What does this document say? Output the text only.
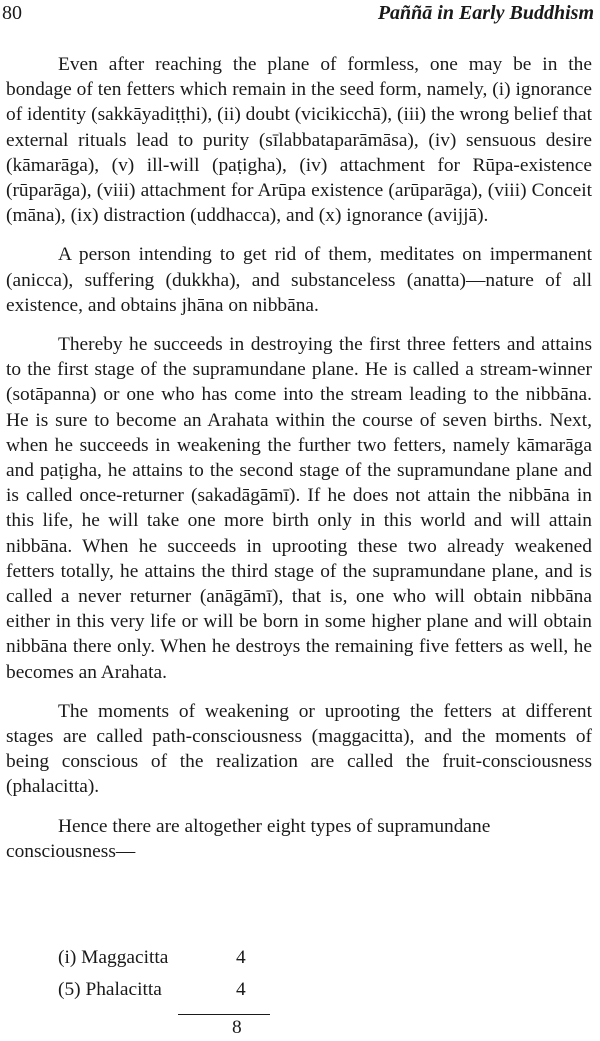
80	Paññā in Early Buddhism

Even after reaching the plane of formless, one may be in the bondage of ten fetters which remain in the seed form, namely, (i) ignorance of identity (sakkāyadiṭṭhi), (ii) doubt (vicikicchā), (iii) the wrong belief that external rituals lead to purity (sīlabbataparāmāsa), (iv) sensuous desire (kāmarāga), (v) ill-will (paṭigha), (iv) attachment for Rūpa-existence (rūparāga), (viii) attachment for Arūpa existence (arūparāga), (viii) Conceit (māna), (ix) distraction (uddhacca), and (x) ignorance (avijjā).

A person intending to get rid of them, meditates on impermanent (anicca), suffering (dukkha), and substanceless (anatta)—nature of all existence, and obtains jhāna on nibbāna.

Thereby he succeeds in destroying the first three fetters and attains to the first stage of the supramundane plane. He is called a stream-winner (sotāpanna) or one who has come into the stream leading to the nibbāna. He is sure to become an Arahata within the course of seven births. Next, when he succeeds in weakening the further two fetters, namely kāmarāga and paṭigha, he attains to the second stage of the supramundane plane and is called once-returner (sakadāgāmī). If he does not attain the nibbāna in this life, he will take one more birth only in this world and will attain nibbāna. When he succeeds in uprooting these two already weakened fetters totally, he attains the third stage of the supramundane plane, and is called a never returner (anāgāmī), that is, one who will obtain nibbāna either in this very life or will be born in some higher plane and will obtain nibbāna there only. When he destroys the remaining five fetters as well, he becomes an Arahata.

The moments of weakening or uprooting the fetters at different stages are called path-consciousness (maggacitta), and the moments of being conscious of the realization are called the fruit-consciousness (phalacitta).

Hence there are altogether eight types of supramundane consciousness—

(i) Maggacitta	4
(5) Phalacitta	4
8
